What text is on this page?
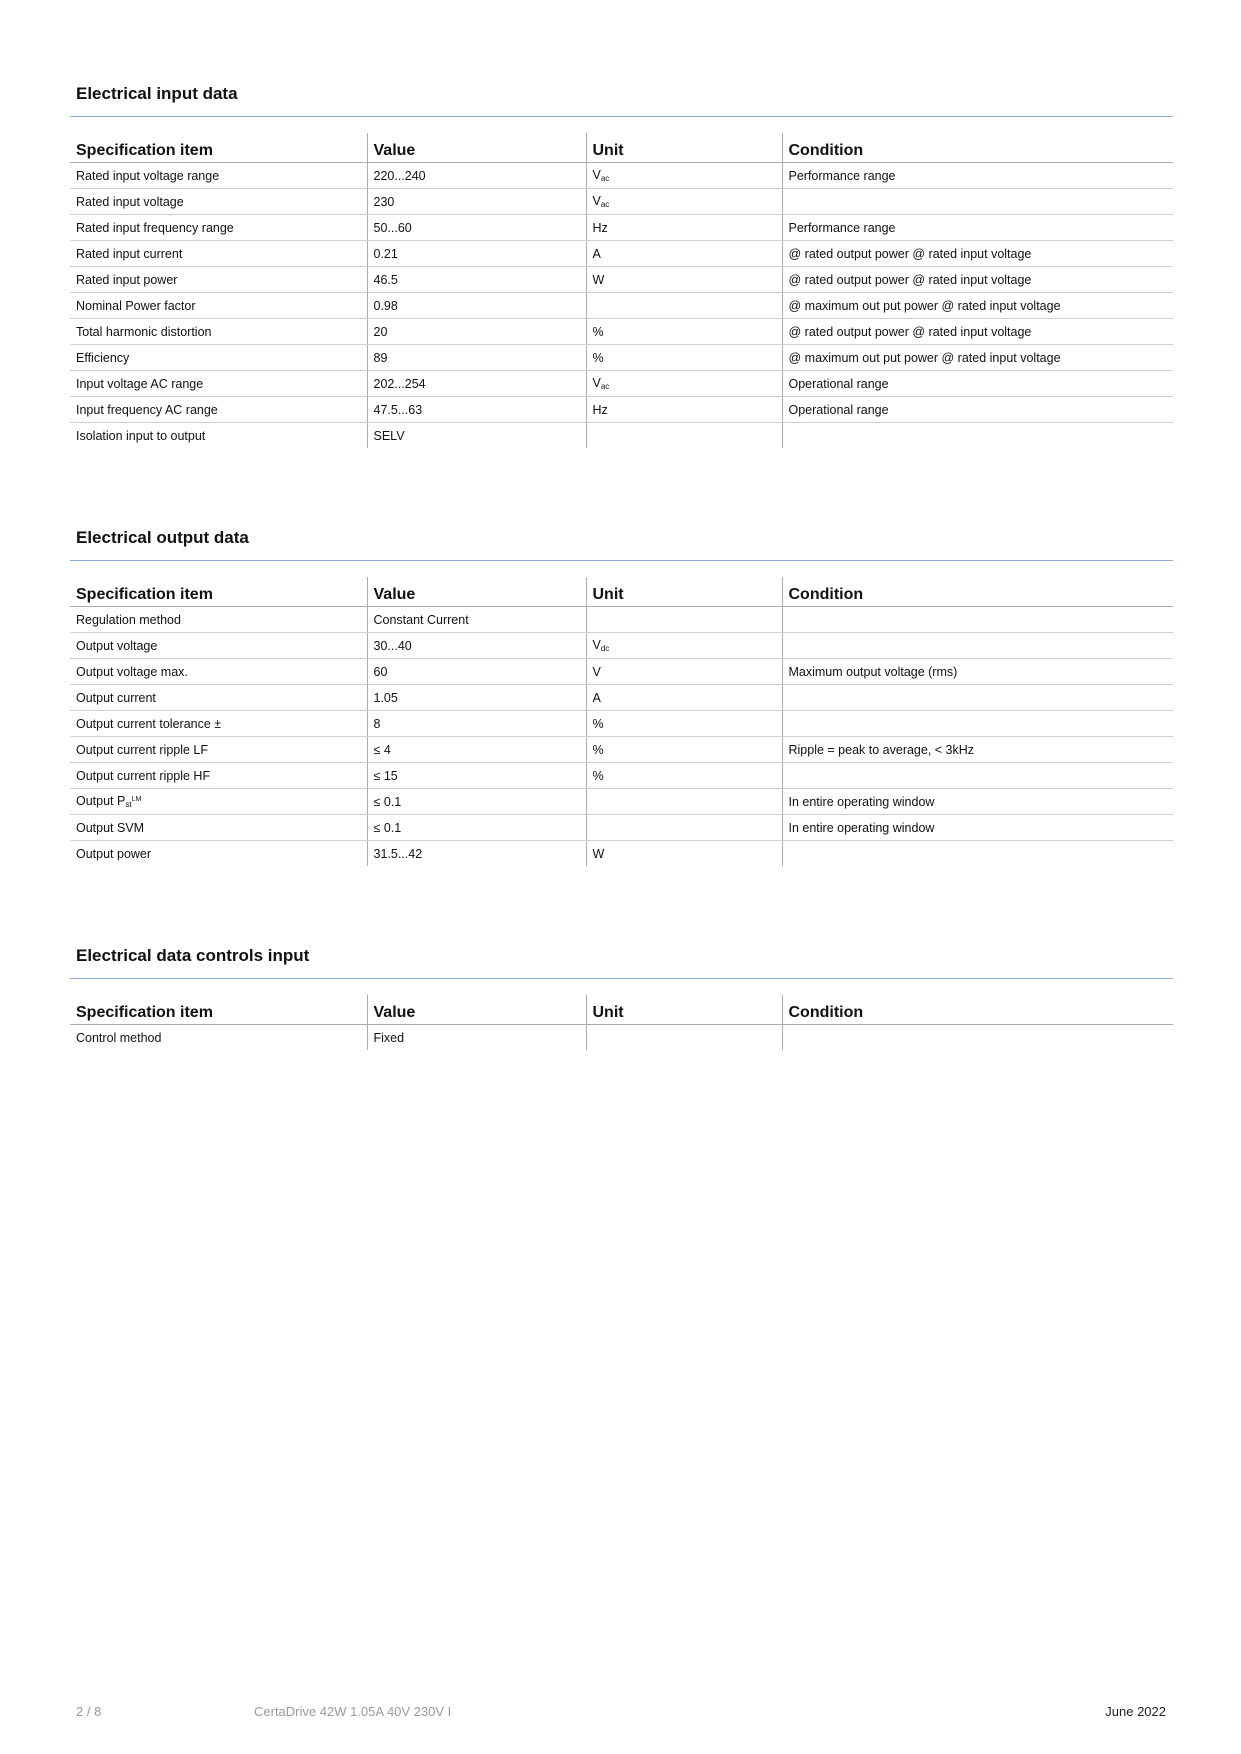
Electrical input data
Specification item	Value	Unit	Condition
Rated input voltage range	220...240	$V_{ac}$	Performance range
Rated input voltage	230	$V_{ac}$	
Rated input frequency range	50...60	Hz	Performance range
Rated input current	0.21	A	@ rated output power @ rated input voltage
Rated input power	46.5	W	@ rated output power @ rated input voltage
Nominal Power factor	0.98		@ maximum out put power @ rated input voltage
Total harmonic distortion	20	%	@ rated output power @ rated input voltage
Efficiency	89	%	@ maximum out put power @ rated input voltage
Input voltage AC range	202...254	$V_{ac}$	Operational range
Input frequency AC range	47.5...63	Hz	Operational range
Isolation input to output	SELV		
Electrical output data
Specification item	Value	Unit	Condition
Regulation method	Constant Current		
Output voltage	30...40	$V_{dc}$	
Output voltage max.	60	V	Maximum output voltage (rms)
Output current	1.05	A	
Output current tolerance ±	8	%	
Output current ripple LF	≤ 4	%	Ripple = peak to average, < 3kHz
Output current ripple HF	≤ 15	%	
Output $P_{st}^{LM}$	≤ 0.1		In entire operating window
Output SVM	≤ 0.1		In entire operating window
Output power	31.5...42	W	
Electrical data controls input
Specification item	Value	Unit	Condition
Control method	Fixed		
2 / 8	CertaDrive 42W 1.05A 40V 230V I	June 2022
